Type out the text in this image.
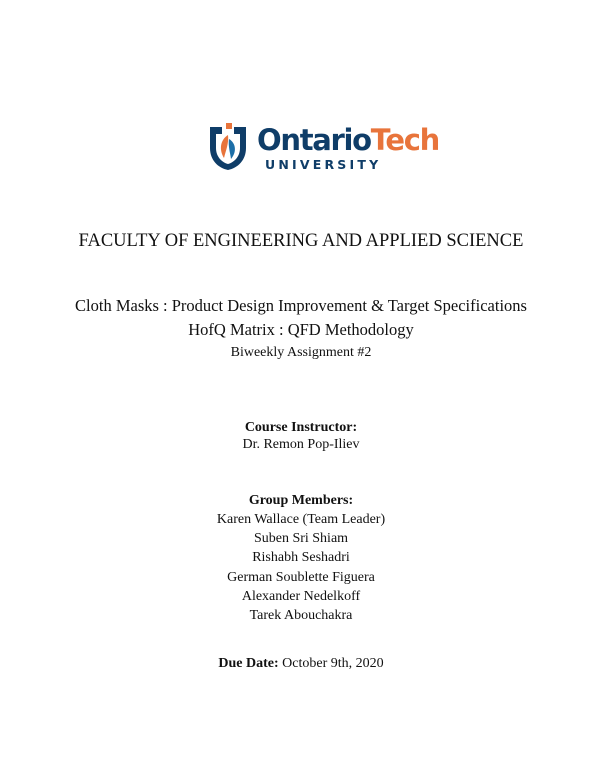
OntarioTech
UNIVERSITY
FACULTY OF ENGINEERING AND APPLIED SCIENCE
Cloth Masks : Product Design Improvement & Target Specifications
HofQ Matrix : QFD Methodology
Biweekly Assignment #2
Course Instructor:
Dr. Remon Pop-Iliev
Group Members:
Karen Wallace (Team Leader)
Suben Sri Shiam
Rishabh Seshadri
German Soublette Figuera
Alexander Nedelkoff
Tarek Abouchakra
Due Date: October 9th, 2020
